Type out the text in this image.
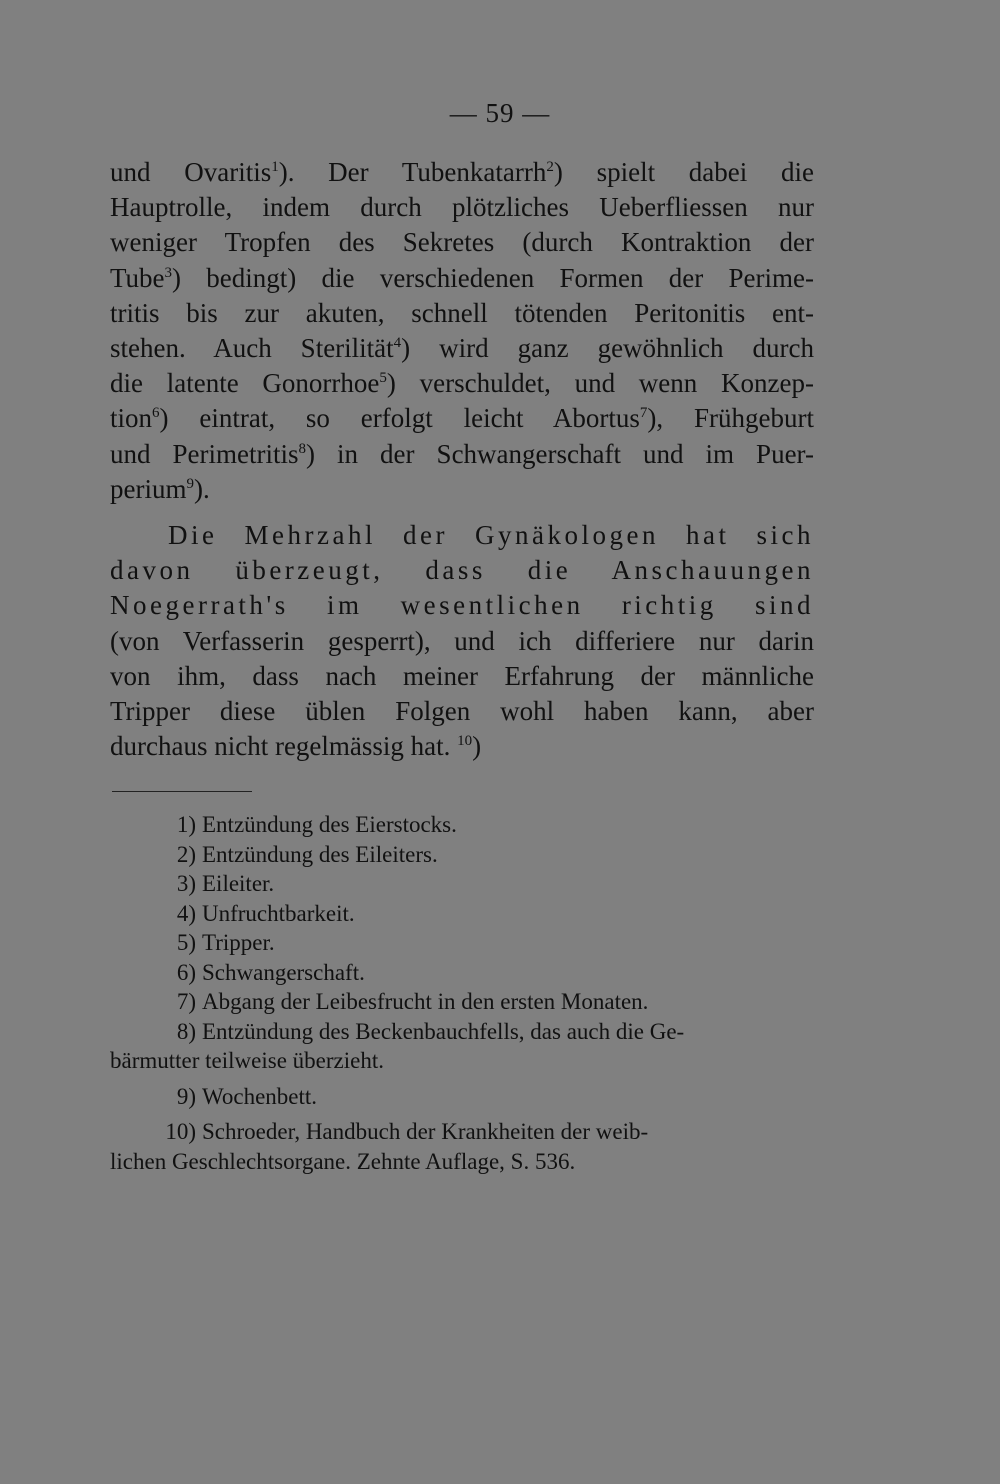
— 59 —
und Ovaritis$^1$). Der Tubenkatarrh$^2$) spielt dabei die
Hauptrolle, indem durch plötzliches Ueberfliessen nur
weniger Tropfen des Sekretes (durch Kontraktion der
Tube$^3$) bedingt) die verschiedenen Formen der Perime-
tritis bis zur akuten, schnell tötenden Peritonitis ent-
stehen. Auch Sterilität$^4$) wird ganz gewöhnlich durch
die latente Gonorrhoe$^5$) verschuldet, und wenn Konzep-
tion$^6$) eintrat, so erfolgt leicht Abortus$^7$), Frühgeburt
und Perimetritis$^8$) in der Schwangerschaft und im Puer-
perium$^9$).
Die Mehrzahl der Gynäkologen hat sich
davon überzeugt, dass die Anschauungen
Noegerrath's im wesentlichen richtig sind
(von Verfasserin gesperrt), und ich differiere nur darin
von ihm, dass nach meiner Erfahrung der männliche
Tripper diese üblen Folgen wohl haben kann, aber
durchaus nicht regelmässig hat. $^{10}$)
1) Entzündung des Eierstocks.
2) Entzündung des Eileiters.
3) Eileiter.
4) Unfruchtbarkeit.
5) Tripper.
6) Schwangerschaft.
7) Abgang der Leibesfrucht in den ersten Monaten.
8) Entzündung des Beckenbauchfells, das auch die Ge-
bärmutter teilweise überzieht.
9) Wochenbett.
10) Schroeder, Handbuch der Krankheiten der weib-
lichen Geschlechtsorgane. Zehnte Auflage, S. 536.
